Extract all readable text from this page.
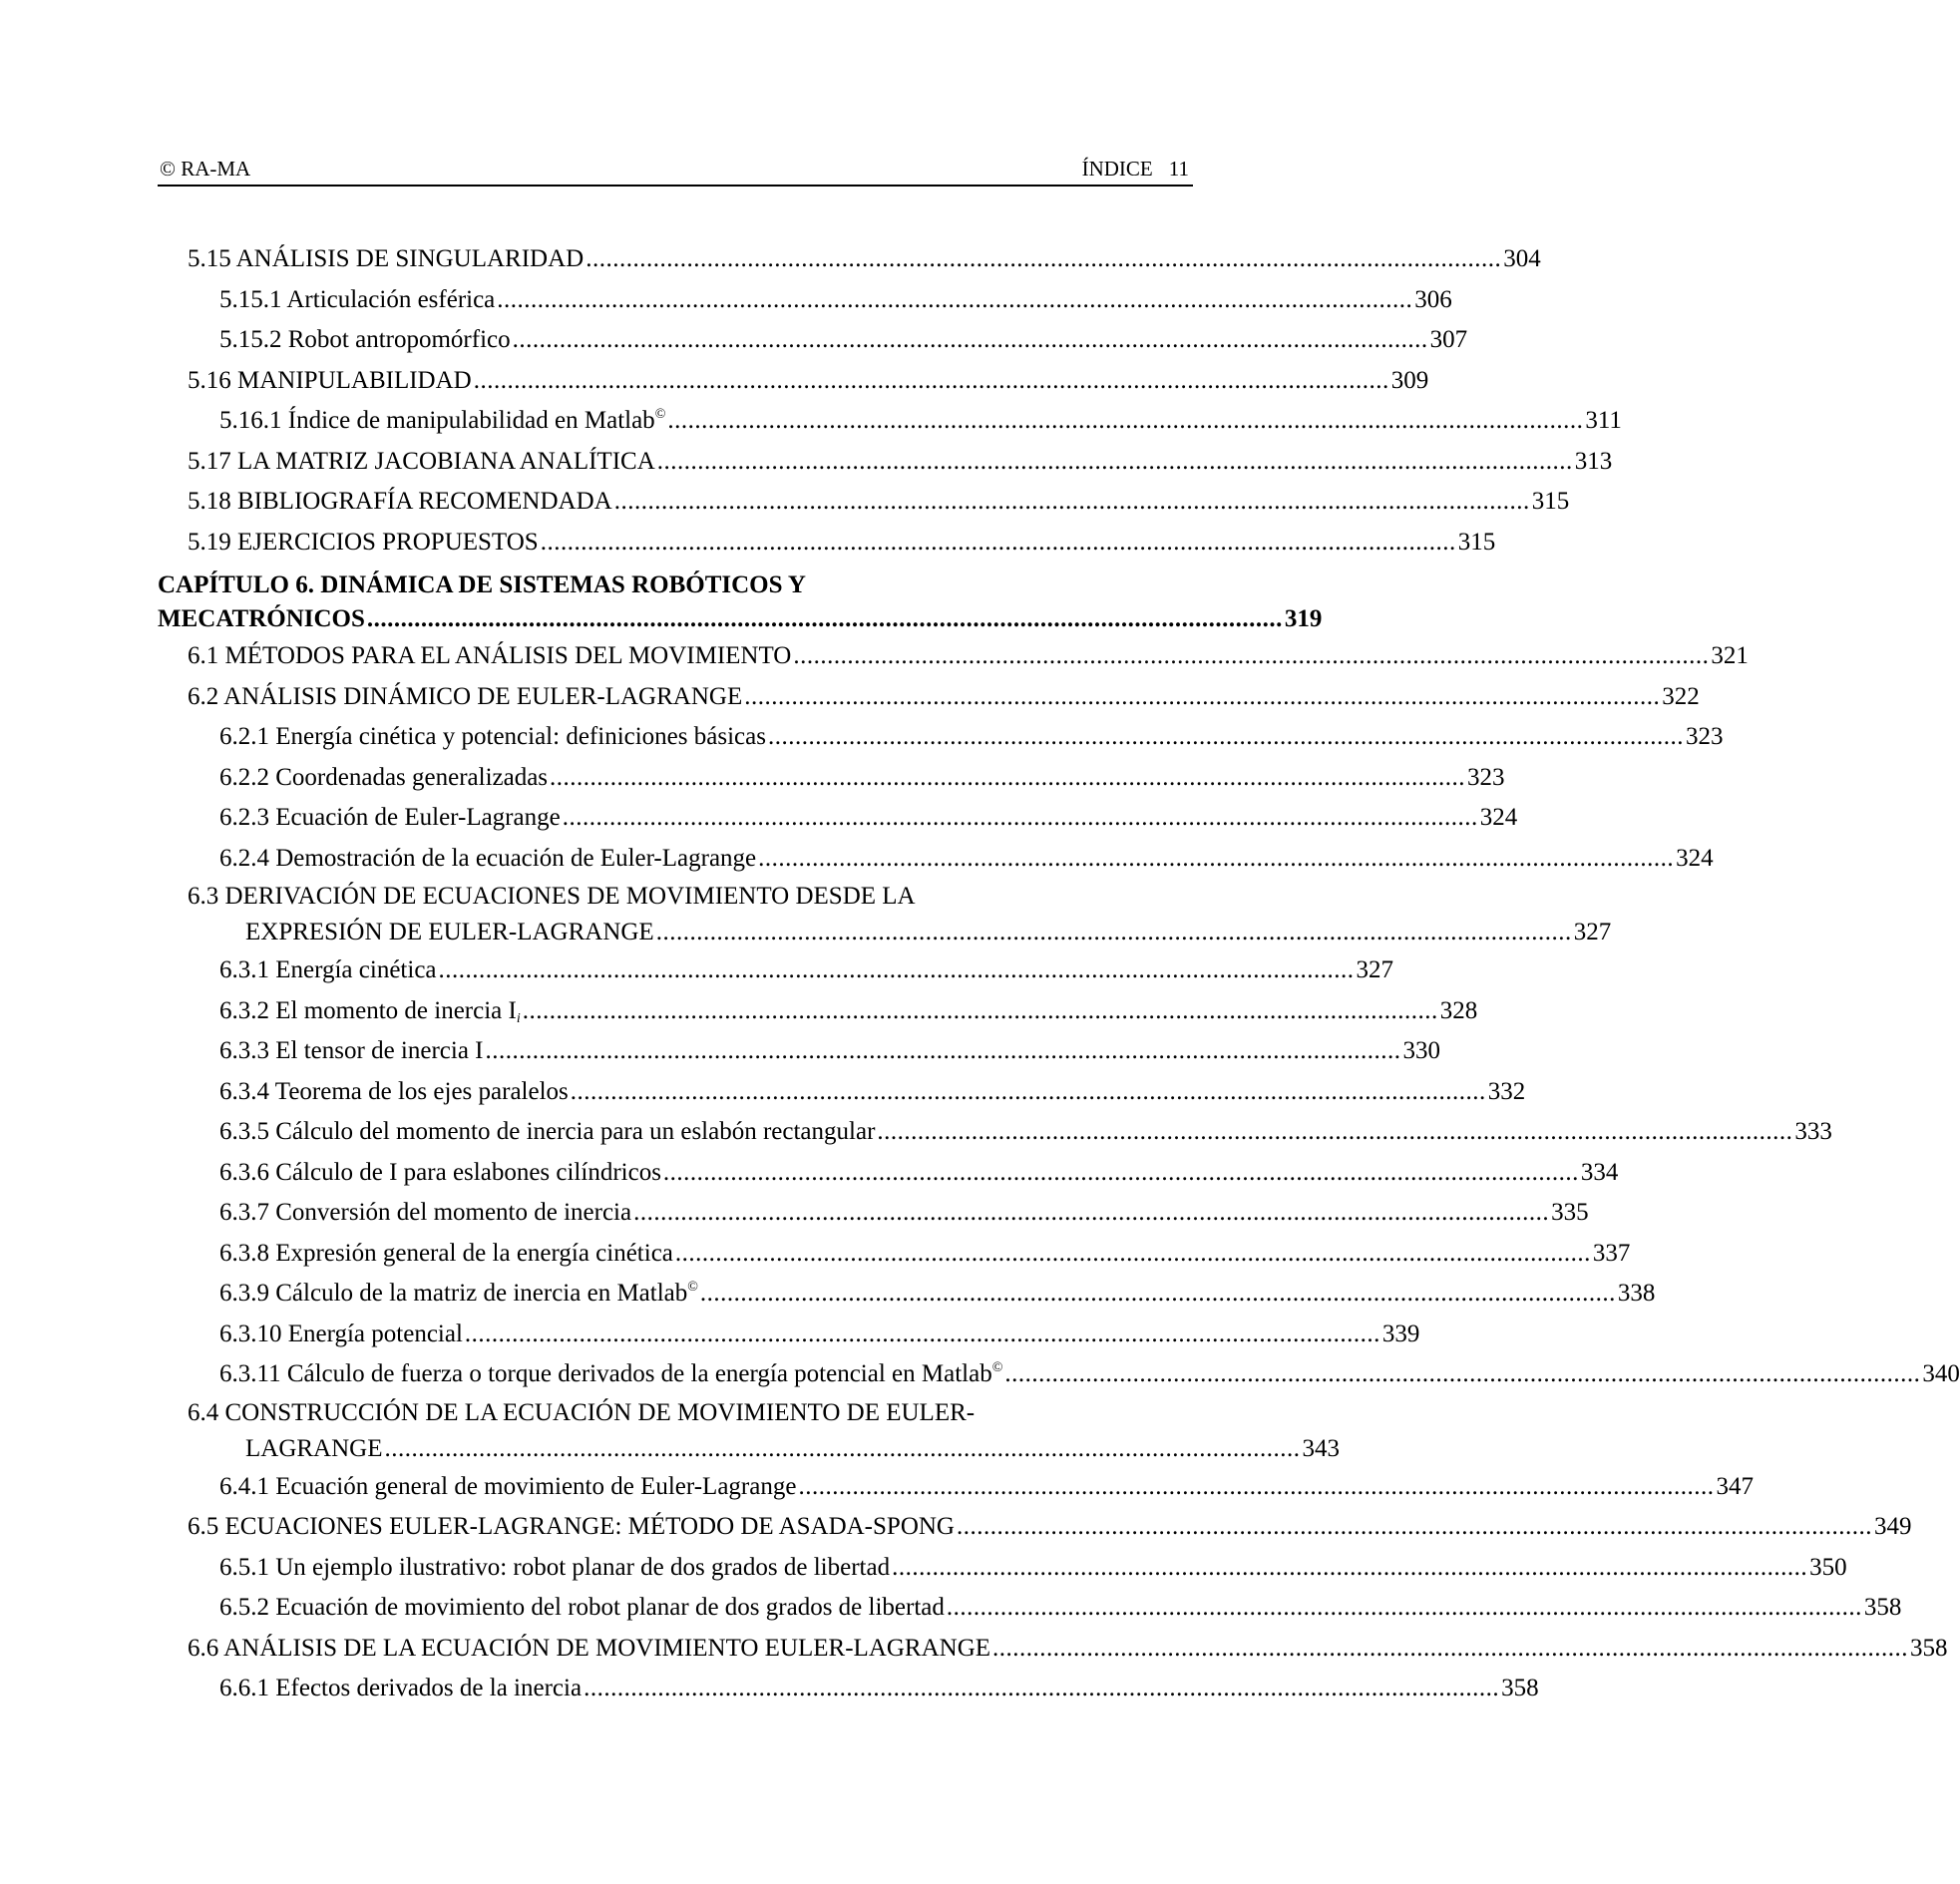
© RA-MA	ÍNDICE 11
5.15 ANÁLISIS DE SINGULARIDAD ........................................................................................................................................ 304
5.15.1 Articulación esférica ........................................................................................................................................ 306
5.15.2 Robot antropomórfico ........................................................................................................................................ 307
5.16 MANIPULABILIDAD ........................................................................................................................................ 309
5.16.1 Índice de manipulabilidad en Matlab© ........................................................................................................................................ 311
5.17 LA MATRIZ JACOBIANA ANALÍTICA ........................................................................................................................................ 313
5.18 BIBLIOGRAFÍA RECOMENDADA ........................................................................................................................................ 315
5.19 EJERCICIOS PROPUESTOS ........................................................................................................................................ 315
CAPÍTULO 6. DINÁMICA DE SISTEMAS ROBÓTICOS Y
MECATRÓNICOS ........................................................................................................................................ 319
6.1 MÉTODOS PARA EL ANÁLISIS DEL MOVIMIENTO ........................................................................................................................................ 321
6.2 ANÁLISIS DINÁMICO DE EULER-LAGRANGE ........................................................................................................................................ 322
6.2.1 Energía cinética y potencial: definiciones básicas ........................................................................................................................................ 323
6.2.2 Coordenadas generalizadas ........................................................................................................................................ 323
6.2.3 Ecuación de Euler-Lagrange ........................................................................................................................................ 324
6.2.4 Demostración de la ecuación de Euler-Lagrange ........................................................................................................................................ 324
6.3 DERIVACIÓN DE ECUACIONES DE MOVIMIENTO DESDE LA
EXPRESIÓN DE EULER-LAGRANGE ........................................................................................................................................ 327
6.3.1 Energía cinética ........................................................................................................................................ 327
6.3.2 El momento de inercia $I_i$ ........................................................................................................................................ 328
6.3.3 El tensor de inercia I ........................................................................................................................................ 330
6.3.4 Teorema de los ejes paralelos ........................................................................................................................................ 332
6.3.5 Cálculo del momento de inercia para un eslabón rectangular ........................................................................................................................................ 333
6.3.6 Cálculo de I para eslabones cilíndricos ........................................................................................................................................ 334
6.3.7 Conversión del momento de inercia ........................................................................................................................................ 335
6.3.8 Expresión general de la energía cinética ........................................................................................................................................ 337
6.3.9 Cálculo de la matriz de inercia en Matlab© ........................................................................................................................................ 338
6.3.10 Energía potencial ........................................................................................................................................ 339
6.3.11 Cálculo de fuerza o torque derivados de la energía potencial en Matlab© ........................................................................................................................................ 340
6.4 CONSTRUCCIÓN DE LA ECUACIÓN DE MOVIMIENTO DE EULER-
LAGRANGE ........................................................................................................................................ 343
6.4.1 Ecuación general de movimiento de Euler-Lagrange ........................................................................................................................................ 347
6.5 ECUACIONES EULER-LAGRANGE: MÉTODO DE ASADA-SPONG ........................................................................................................................................ 349
6.5.1 Un ejemplo ilustrativo: robot planar de dos grados de libertad ........................................................................................................................................ 350
6.5.2 Ecuación de movimiento del robot planar de dos grados de libertad ........................................................................................................................................ 358
6.6 ANÁLISIS DE LA ECUACIÓN DE MOVIMIENTO EULER-LAGRANGE ........................................................................................................................................ 358
6.6.1 Efectos derivados de la inercia ........................................................................................................................................ 358
